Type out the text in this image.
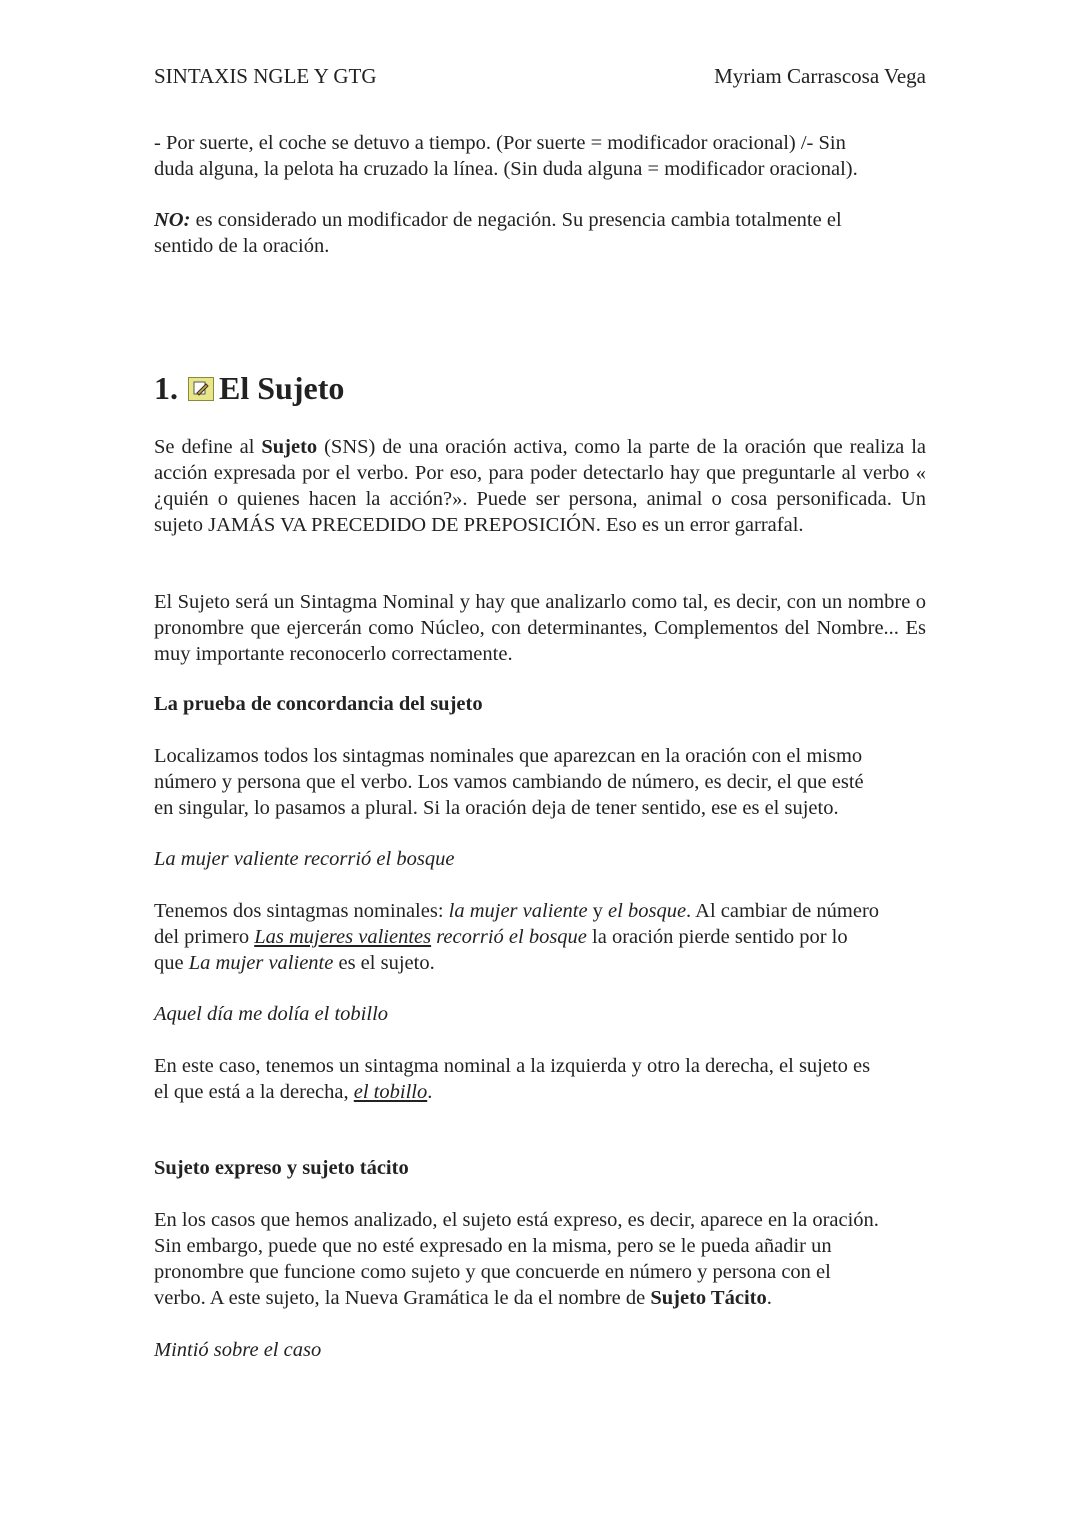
SINTAXIS NGLE Y GTG	Myriam Carrascosa Vega

- Por suerte, el coche se detuvo a tiempo. (Por suerte = modificador oracional) /- Sin

duda alguna, la pelota ha cruzado la línea. (Sin duda alguna = modificador oracional).

NO: es considerado un modificador de negación. Su presencia cambia totalmente el

sentido de la oración.

1. El Sujeto

Se define al Sujeto (SNS) de una oración activa, como la parte de la oración que realiza la acción expresada por el verbo. Por eso, para poder detectarlo hay que preguntarle al verbo « ¿quién o quienes hacen la acción?». Puede ser persona, animal o cosa personificada. Un sujeto JAMÁS VA PRECEDIDO DE PREPOSICIÓN. Eso es un error garrafal.

El Sujeto será un Sintagma Nominal y hay que analizarlo como tal, es decir, con un nombre o pronombre que ejercerán como Núcleo, con determinantes, Complementos del Nombre... Es muy importante reconocerlo correctamente.

La prueba de concordancia del sujeto

Localizamos todos los sintagmas nominales que aparezcan en la oración con el mismo

número y persona que el verbo. Los vamos cambiando de número, es decir, el que esté

en singular, lo pasamos a plural. Si la oración deja de tener sentido, ese es el sujeto.

La mujer valiente recorrió el bosque

Tenemos dos sintagmas nominales: la mujer valiente y el bosque. Al cambiar de número

del primero Las mujeres valientes recorrió el bosque la oración pierde sentido por lo

que La mujer valiente es el sujeto.

Aquel día me dolía el tobillo

En este caso, tenemos un sintagma nominal a la izquierda y otro la derecha, el sujeto es

el que está a la derecha, el tobillo.

Sujeto expreso y sujeto tácito

En los casos que hemos analizado, el sujeto está expreso, es decir, aparece en la oración.

Sin embargo, puede que no esté expresado en la misma, pero se le pueda añadir un

pronombre que funcione como sujeto y que concuerde en número y persona con el

verbo. A este sujeto, la Nueva Gramática le da el nombre de Sujeto Tácito.

Mintió sobre el caso
